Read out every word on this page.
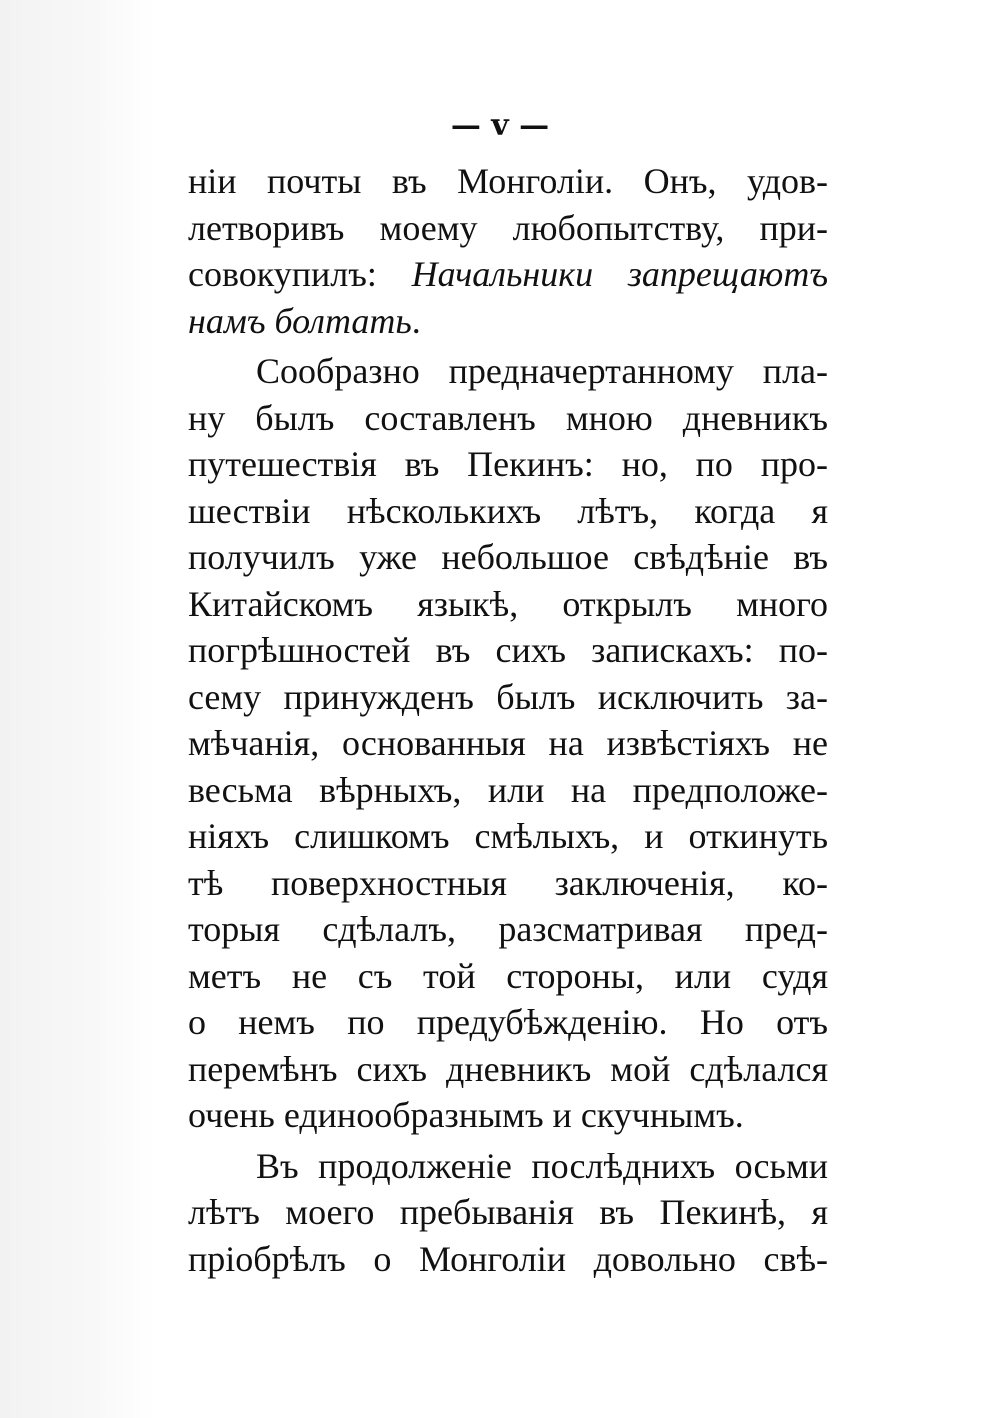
— v —

нiи почты въ Монголiи. Онъ, удов-
летворивъ моему любопытству, при-
совокупилъ: Начальники запрещаютъ
намъ болтать.

Сообразно предначертанному пла-
ну былъ составленъ мною дневникъ
путешествiя въ Пекинъ: но, по про-
шествiи нѣсколькихъ лѣтъ, когда я
получилъ уже небольшое свѣдѣнiе въ
Китайскомъ языкѣ, открылъ много
погрѣшностей въ сихъ запискахъ: по-
сему принужденъ былъ исключить за-
мѣчанiя, основанныя на извѣстiяхъ не
весьма вѣрныхъ, или на предположе-
нiяхъ слишкомъ смѣлыхъ, и откинуть
тѣ поверхностныя заключенiя, ко-
торыя сдѣлалъ, разсматривая пред-
метъ не съ той стороны, или судя
о немъ по предубѣжденiю. Но отъ
перемѣнъ сихъ дневникъ мой сдѣлался
очень единообразнымъ и скучнымъ.

Въ продолженiе послѣднихъ осьми
лѣтъ моего пребыванiя въ Пекинѣ, я
прiобрѣлъ о Монголiи довольно свѣ-
